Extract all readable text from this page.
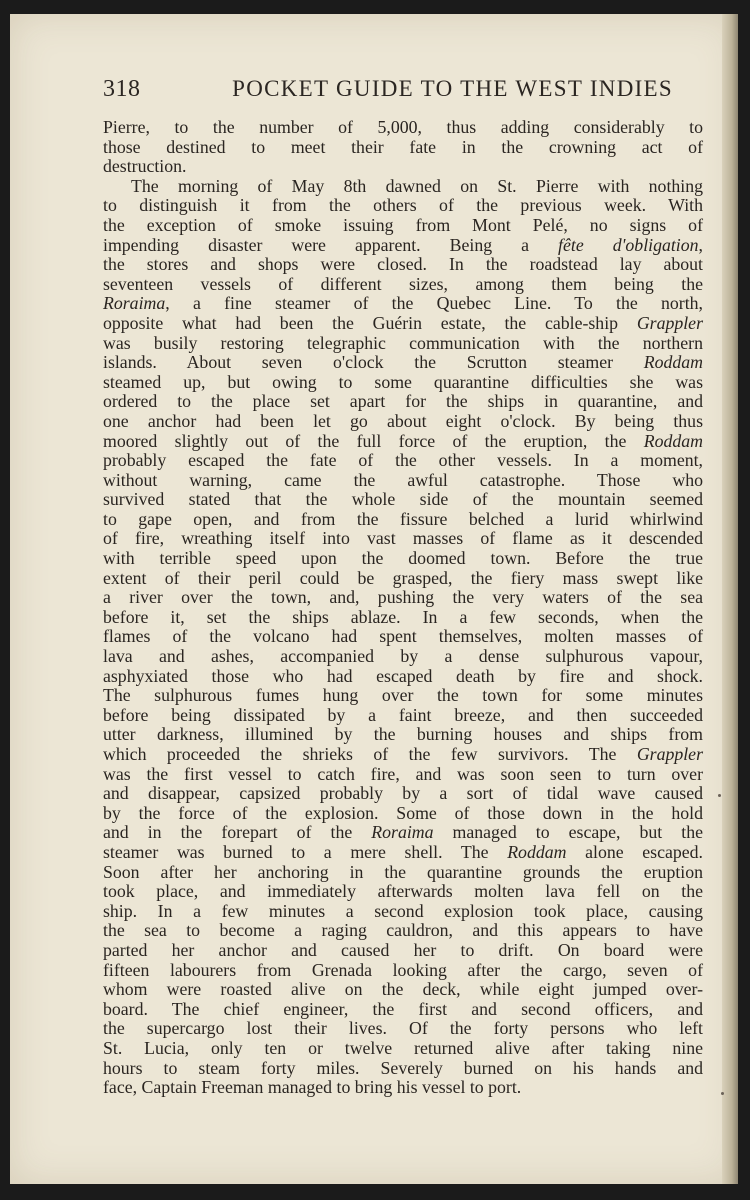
318	POCKET GUIDE TO THE WEST INDIES
Pierre, to the number of 5,000, thus adding considerably to
those destined to meet their fate in the crowning act of
destruction.
The morning of May 8th dawned on St. Pierre with nothing
to distinguish it from the others of the previous week. With
the exception of smoke issuing from Mont Pelé, no signs of
impending disaster were apparent. Being a fête d'obligation,
the stores and shops were closed. In the roadstead lay about
seventeen vessels of different sizes, among them being the
Roraima, a fine steamer of the Quebec Line. To the north,
opposite what had been the Guérin estate, the cable-ship Grappler
was busily restoring telegraphic communication with the northern
islands. About seven o'clock the Scrutton steamer Roddam
steamed up, but owing to some quarantine difficulties she was
ordered to the place set apart for the ships in quarantine, and
one anchor had been let go about eight o'clock. By being thus
moored slightly out of the full force of the eruption, the Roddam
probably escaped the fate of the other vessels. In a moment,
without warning, came the awful catastrophe. Those who
survived stated that the whole side of the mountain seemed
to gape open, and from the fissure belched a lurid whirlwind
of fire, wreathing itself into vast masses of flame as it descended
with terrible speed upon the doomed town. Before the true
extent of their peril could be grasped, the fiery mass swept like
a river over the town, and, pushing the very waters of the sea
before it, set the ships ablaze. In a few seconds, when the
flames of the volcano had spent themselves, molten masses of
lava and ashes, accompanied by a dense sulphurous vapour,
asphyxiated those who had escaped death by fire and shock.
The sulphurous fumes hung over the town for some minutes
before being dissipated by a faint breeze, and then succeeded
utter darkness, illumined by the burning houses and ships from
which proceeded the shrieks of the few survivors. The Grappler
was the first vessel to catch fire, and was soon seen to turn over
and disappear, capsized probably by a sort of tidal wave caused
by the force of the explosion. Some of those down in the hold
and in the forepart of the Roraima managed to escape, but the
steamer was burned to a mere shell. The Roddam alone escaped.
Soon after her anchoring in the quarantine grounds the eruption
took place, and immediately afterwards molten lava fell on the
ship. In a few minutes a second explosion took place, causing
the sea to become a raging cauldron, and this appears to have
parted her anchor and caused her to drift. On board were
fifteen labourers from Grenada looking after the cargo, seven of
whom were roasted alive on the deck, while eight jumped over-
board. The chief engineer, the first and second officers, and
the supercargo lost their lives. Of the forty persons who left
St. Lucia, only ten or twelve returned alive after taking nine
hours to steam forty miles. Severely burned on his hands and
face, Captain Freeman managed to bring his vessel to port.
